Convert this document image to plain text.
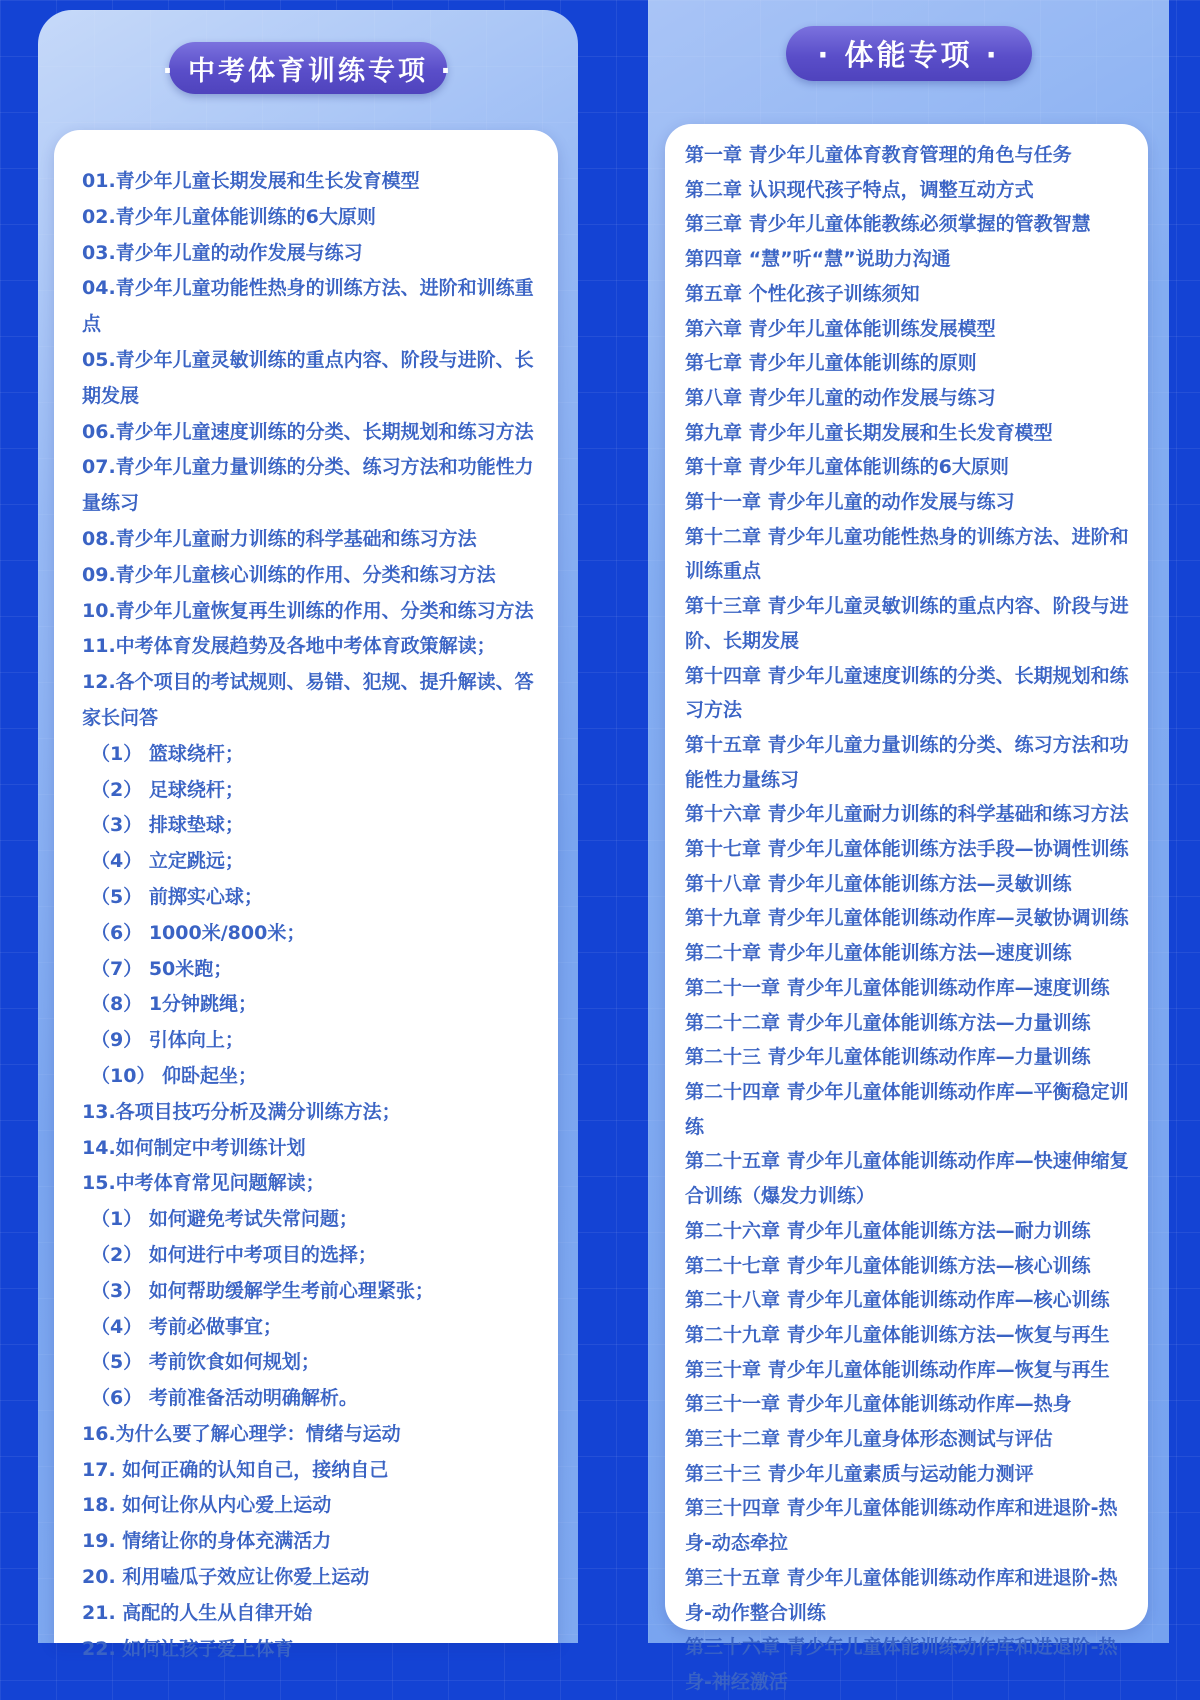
· 中考体育训练专项 ·
01.青少年儿童长期发展和生长发育模型
02.青少年儿童体能训练的6大原则
03.青少年儿童的动作发展与练习
04.青少年儿童功能性热身的训练方法、进阶和训练重点
05.青少年儿童灵敏训练的重点内容、阶段与进阶、长期发展
06.青少年儿童速度训练的分类、长期规划和练习方法
07.青少年儿童力量训练的分类、练习方法和功能性力量练习
08.青少年儿童耐力训练的科学基础和练习方法
09.青少年儿童核心训练的作用、分类和练习方法
10.青少年儿童恢复再生训练的作用、分类和练习方法
11.中考体育发展趋势及各地中考体育政策解读；
12.各个项目的考试规则、易错、犯规、提升解读、答家长问答
（1） 篮球绕杆；
（2） 足球绕杆；
（3） 排球垫球；
（4） 立定跳远；
（5） 前掷实心球；
（6） 1000米/800米；
（7） 50米跑；
（8） 1分钟跳绳；
（9） 引体向上；
（10） 仰卧起坐；
13.各项目技巧分析及满分训练方法；
14.如何制定中考训练计划
15.中考体育常见问题解读；
（1） 如何避免考试失常问题；
（2） 如何进行中考项目的选择；
（3） 如何帮助缓解学生考前心理紧张；
（4） 考前必做事宜；
（5） 考前饮食如何规划；
（6） 考前准备活动明确解析。
16.为什么要了解心理学：情绪与运动
17. 如何正确的认知自己，接纳自己
18. 如何让你从内心爱上运动
19. 情绪让你的身体充满活力
20. 利用嗑瓜子效应让你爱上运动
21. 高配的人生从自律开始
22. 如何让孩子爱上体育
· 体能专项 ·
第一章 青少年儿童体育教育管理的角色与任务
第二章 认识现代孩子特点，调整互动方式
第三章 青少年儿童体能教练必须掌握的管教智慧
第四章 “慧”听“慧”说助力沟通
第五章 个性化孩子训练须知
第六章 青少年儿童体能训练发展模型
第七章 青少年儿童体能训练的原则
第八章 青少年儿童的动作发展与练习
第九章 青少年儿童长期发展和生长发育模型
第十章 青少年儿童体能训练的6大原则
第十一章 青少年儿童的动作发展与练习
第十二章 青少年儿童功能性热身的训练方法、进阶和训练重点
第十三章 青少年儿童灵敏训练的重点内容、阶段与进阶、长期发展
第十四章 青少年儿童速度训练的分类、长期规划和练习方法
第十五章 青少年儿童力量训练的分类、练习方法和功能性力量练习
第十六章 青少年儿童耐力训练的科学基础和练习方法
第十七章 青少年儿童体能训练方法手段—协调性训练
第十八章 青少年儿童体能训练方法—灵敏训练
第十九章 青少年儿童体能训练动作库—灵敏协调训练
第二十章 青少年儿童体能训练方法—速度训练
第二十一章 青少年儿童体能训练动作库—速度训练
第二十二章 青少年儿童体能训练方法—力量训练
第二十三 青少年儿童体能训练动作库—力量训练
第二十四章 青少年儿童体能训练动作库—平衡稳定训练
第二十五章 青少年儿童体能训练动作库—快速伸缩复合训练（爆发力训练）
第二十六章 青少年儿童体能训练方法—耐力训练
第二十七章 青少年儿童体能训练方法—核心训练
第二十八章 青少年儿童体能训练动作库—核心训练
第二十九章 青少年儿童体能训练方法—恢复与再生
第三十章 青少年儿童体能训练动作库—恢复与再生
第三十一章 青少年儿童体能训练动作库—热身
第三十二章 青少年儿童身体形态测试与评估
第三十三 青少年儿童素质与运动能力测评
第三十四章 青少年儿童体能训练动作库和进退阶-热身-动态牵拉
第三十五章 青少年儿童体能训练动作库和进退阶-热身-动作整合训练
第三十六章 青少年儿童体能训练动作库和进退阶-热身-神经激活
